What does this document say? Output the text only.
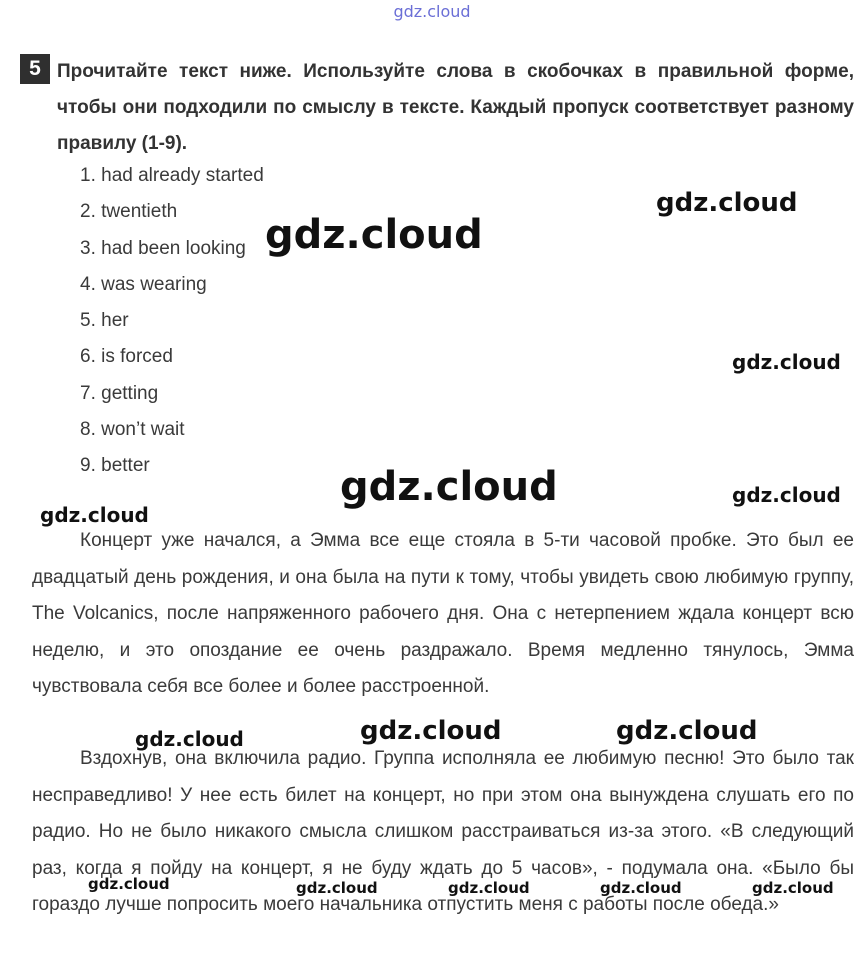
gdz.cloud
5 Прочитайте текст ниже. Используйте слова в скобочках в правильной форме, чтобы они подходили по смыслу в тексте. Каждый пропуск соответствует разному правилу (1-9).
1. had already started
2. twentieth
3. had been looking
4. was wearing
5. her
6. is forced
7. getting
8. won’t wait
9. better

Концерт уже начался, а Эмма все еще стояла в 5-ти часовой пробке. Это был ее двадцатый день рождения, и она была на пути к тому, чтобы увидеть свою любимую группу, The Volcanics, после напряженного рабочего дня. Она с нетерпением ждала концерт всю неделю, и это опоздание ее очень раздражало. Время медленно тянулось, Эмма чувствовала себя все более и более расстроенной.

Вздохнув, она включила радио. Группа исполняла ее любимую песню! Это было так несправедливо! У нее есть билет на концерт, но при этом она вынуждена слушать его по радио. Но не было никакого смысла слишком расстраиваться из-за этого. «В следующий раз, когда я пойду на концерт, я не буду ждать до 5 часов», - подумала она. «Было бы гораздо лучше попросить моего начальника отпустить меня с работы после обеда.»

gdz.cloud
gdz.cloud
gdz.cloud
gdz.cloud	gdz.cloud
gdz.cloud
gdz.cloud	gdz.cloud
gdz.cloud
gdz.cloud	gdz.cloud	gdz.cloud	gdz.cloud	gdz.cloud
